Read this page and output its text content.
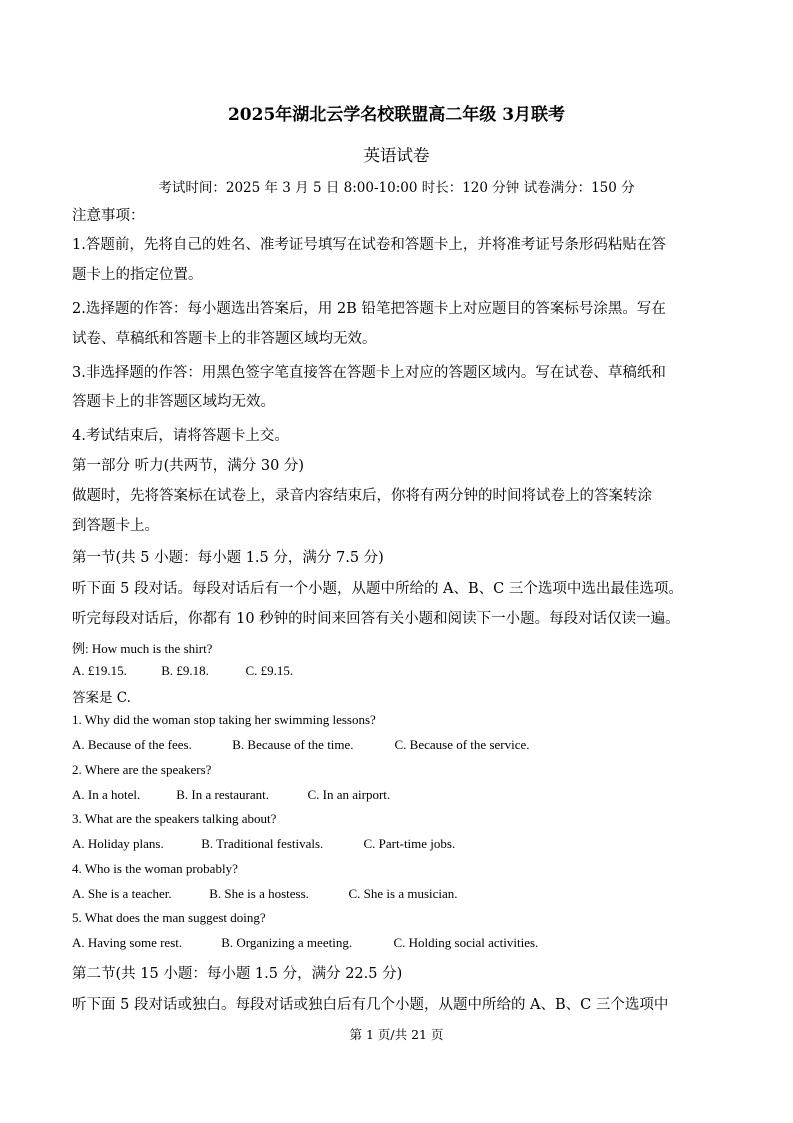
2025年湖北云学名校联盟高二年级 3月联考
英语试卷
考试时间：2025 年 3 月 5 日 8:00-10:00 时长：120 分钟 试卷满分：150 分
注意事项：
1.答题前，先将自己的姓名、准考证号填写在试卷和答题卡上，并将准考证号条形码粘贴在答
题卡上的指定位置。
2.选择题的作答：每小题选出答案后，用 2B 铅笔把答题卡上对应题目的答案标号涂黑。写在
试卷、草稿纸和答题卡上的非答题区域均无效。
3.非选择题的作答：用黑色签字笔直接答在答题卡上对应的答题区域内。写在试卷、草稿纸和
答题卡上的非答题区域均无效。
4.考试结束后，请将答题卡上交。
第一部分 听力(共两节，满分 30 分)
做题时，先将答案标在试卷上，录音内容结束后，你将有两分钟的时间将试卷上的答案转涂
到答题卡上。
第一节(共 5 小题：每小题 1.5 分，满分 7.5 分)
听下面 5 段对话。每段对话后有一个小题，从题中所给的 A、B、C 三个选项中选出最佳选项。
听完每段对话后，你都有 10 秒钟的时间来回答有关小题和阅读下一小题。每段对话仅读一遍。
例: How much is the shirt?
A. £19.15.	B. £9.18.	C. £9.15.
答案是 C.
1. Why did the woman stop taking her swimming lessons?
A. Because of the fees.	B. Because of the time.	C. Because of the service.
2. Where are the speakers?
A. In a hotel.	B. In a restaurant.	C. In an airport.
3. What are the speakers talking about?
A. Holiday plans.	B. Traditional festivals.	C. Part-time jobs.
4. Who is the woman probably?
A. She is a teacher.	B. She is a hostess.	C. She is a musician.
5. What does the man suggest doing?
A. Having some rest.	B. Organizing a meeting.	C. Holding social activities.
第二节(共 15 小题：每小题 1.5 分，满分 22.5 分)
听下面 5 段对话或独白。每段对话或独白后有几个小题，从题中所给的 A、B、C 三个选项中
第 1 页/共 21 页
